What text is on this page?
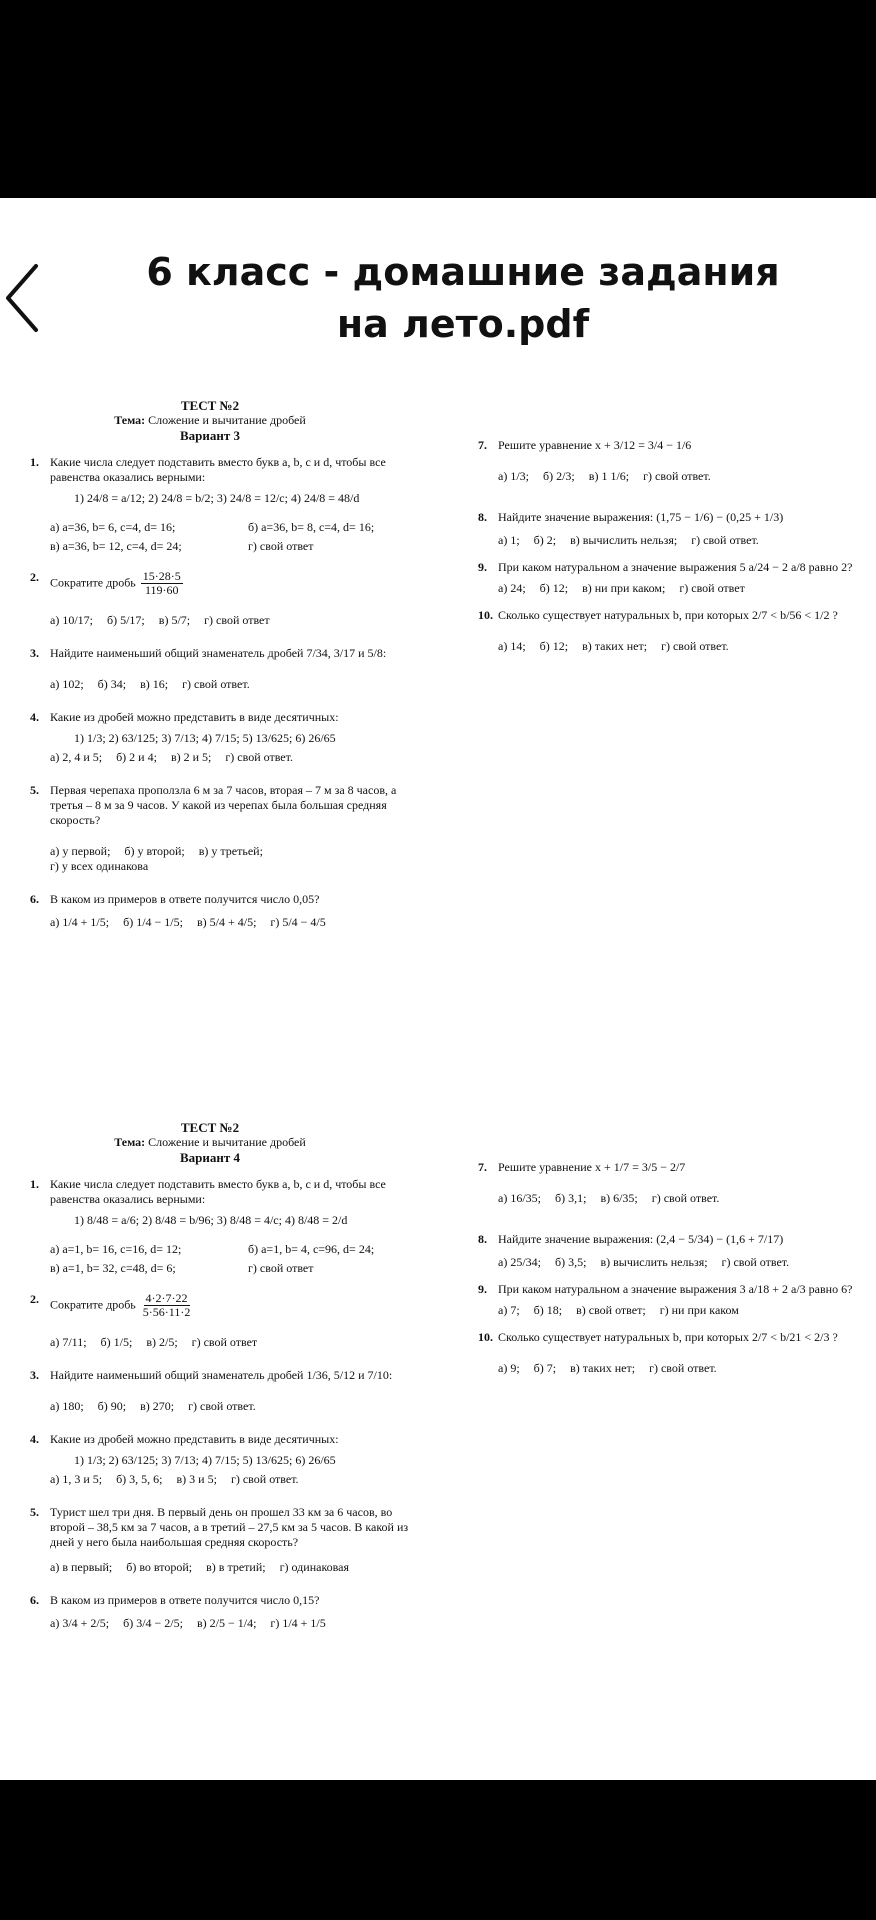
6 класс - домашние задания
на лето.pdf
ТЕСТ №2
Тема: Сложение и вычитание дробей
Вариант 3
1. Какие числа следует подставить вместо букв a, b, c и d, чтобы все равенства оказались верными:
1) 24/8 = a/12; 2) 24/8 = b/2; 3) 24/8 = 12/c; 4) 24/8 = 48/d
а) a=36, b= 6, c=4, d= 16;	б) a=36, b= 8, c=4, d= 16;
в) a=36, b= 12, c=4, d= 24;	г) свой ответ
2. Сократите дробь $\frac{15\cdot 28\cdot 5}{119\cdot 60}$
а) 10/17; б) 5/17; в) 5/7; г) свой ответ
3. Найдите наименьший общий знаменатель дробей 7/34, 3/17 и 5/8:
а) 102; б) 34; в) 16; г) свой ответ.
4. Какие из дробей можно представить в виде десятичных:
1) 1/3; 2) 63/125; 3) 7/13; 4) 7/15; 5) 13/625; 6) 26/65
а) 2, 4 и 5; б) 2 и 4; в) 2 и 5; г) свой ответ.
5. Первая черепаха проползла 6 м за 7 часов, вторая – 7 м за 8 часов, а третья – 8 м за 9 часов. У какой из черепах была большая средняя скорость?
а) у первой; б) у второй; в) у третьей;
г) у всех одинакова
6. В каком из примеров в ответе получится число 0,05?
а) 1/4 + 1/5; б) 1/4 − 1/5; в) 5/4 + 4/5; г) 5/4 − 4/5
7. Решите уравнение x + 3/12 = 3/4 − 1/6
а) 1/3; б) 2/3; в) 1 1/6; г) свой ответ.
8. Найдите значение выражения: (1,75 − 1/6) − (0,25 + 1/3)
а) 1; б) 2; в) вычислить нельзя; г) свой ответ.
9. При каком натуральном a значение выражения 5 a/24 − 2 a/8 равно 2?
а) 24; б) 12; в) ни при каком; г) свой ответ
10. Сколько существует натуральных b, при которых 2/7 < b/56 < 1/2 ?
а) 14; б) 12; в) таких нет; г) свой ответ.
ТЕСТ №2
Тема: Сложение и вычитание дробей
Вариант 4
1. Какие числа следует подставить вместо букв a, b, c и d, чтобы все равенства оказались верными:
1) 8/48 = a/6; 2) 8/48 = b/96; 3) 8/48 = 4/c; 4) 8/48 = 2/d
а) a=1, b= 16, c=16, d= 12;	б) a=1, b= 4, c=96, d= 24;
в) a=1, b= 32, c=48, d= 6;	г) свой ответ
2. Сократите дробь $\frac{4\cdot 2\cdot 7\cdot 22}{5\cdot 56\cdot 11\cdot 2}$
а) 7/11; б) 1/5; в) 2/5; г) свой ответ
3. Найдите наименьший общий знаменатель дробей 1/36, 5/12 и 7/10:
а) 180; б) 90; в) 270; г) свой ответ.
4. Какие из дробей можно представить в виде десятичных:
1) 1/3; 2) 63/125; 3) 7/13; 4) 7/15; 5) 13/625; 6) 26/65
а) 1, 3 и 5; б) 3, 5, 6; в) 3 и 5; г) свой ответ.
5. Турист шел три дня. В первый день он прошел 33 км за 6 часов, во второй – 38,5 км за 7 часов, а в третий – 27,5 км за 5 часов. В какой из дней у него была наибольшая средняя скорость?
а) в первый; б) во второй; в) в третий; г) одинаковая
6. В каком из примеров в ответе получится число 0,15?
а) 3/4 + 2/5; б) 3/4 − 2/5; в) 2/5 − 1/4; г) 1/4 + 1/5
7. Решите уравнение x + 1/7 = 3/5 − 2/7
а) 16/35; б) 3,1; в) 6/35; г) свой ответ.
8. Найдите значение выражения: (2,4 − 5/34) − (1,6 + 7/17)
а) 25/34; б) 3,5; в) вычислить нельзя; г) свой ответ.
9. При каком натуральном a значение выражения 3 a/18 + 2 a/3 равно 6?
а) 7; б) 18; в) свой ответ; г) ни при каком
10. Сколько существует натуральных b, при которых 2/7 < b/21 < 2/3 ?
а) 9; б) 7; в) таких нет; г) свой ответ.
